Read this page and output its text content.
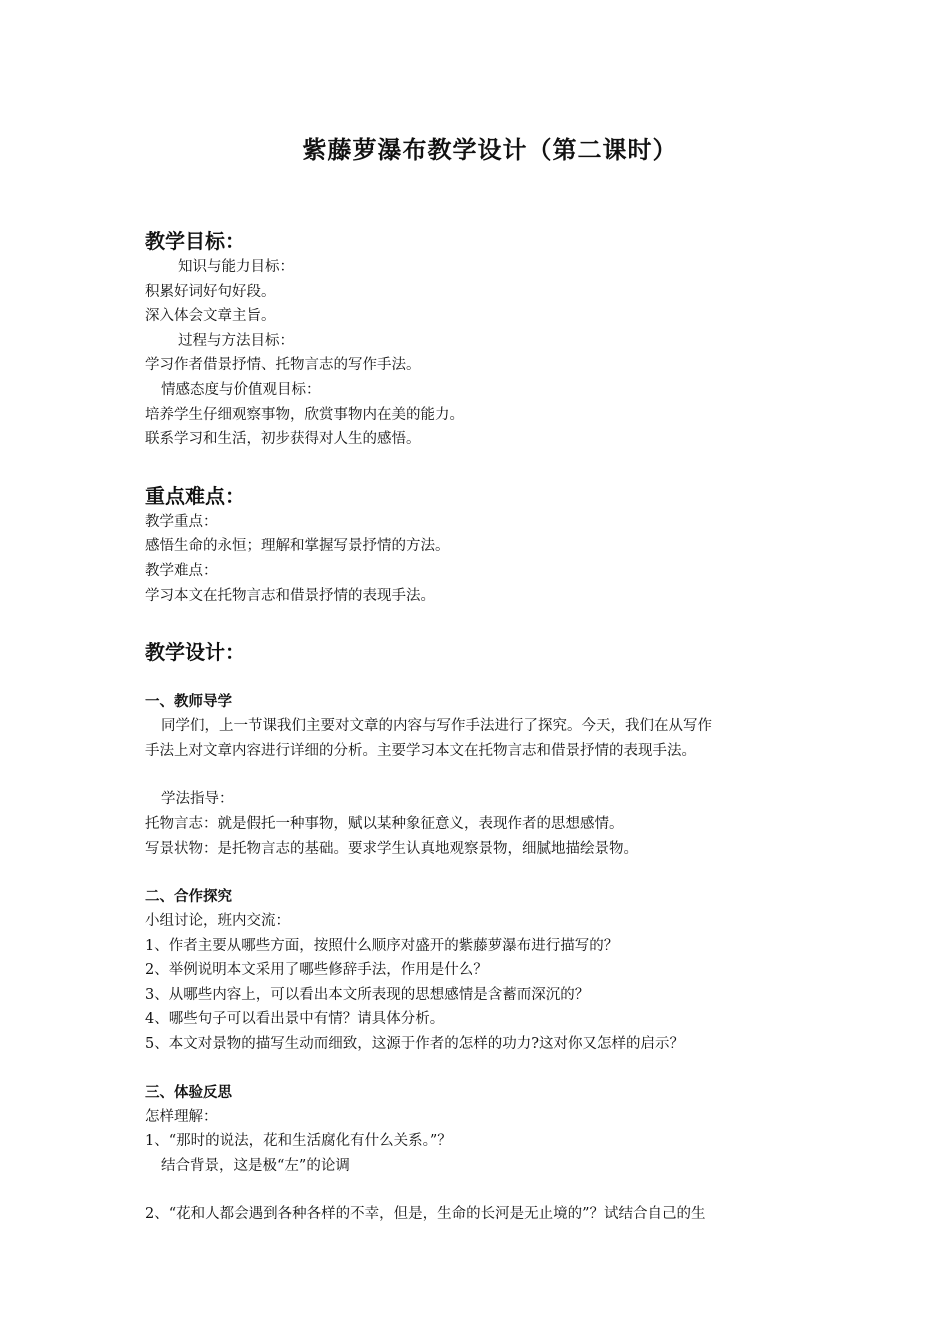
紫藤萝瀑布教学设计（第二课时）
教学目标：
知识与能力目标：
积累好词好句好段。
深入体会文章主旨。
过程与方法目标：
学习作者借景抒情、托物言志的写作手法。
情感态度与价值观目标：
培养学生仔细观察事物，欣赏事物内在美的能力。
联系学习和生活，初步获得对人生的感悟。
重点难点：
教学重点：
感悟生命的永恒；理解和掌握写景抒情的方法。
教学难点：
学习本文在托物言志和借景抒情的表现手法。
教学设计：
一、教师导学
同学们，上一节课我们主要对文章的内容与写作手法进行了探究。今天，我们在从写作
手法上对文章内容进行详细的分析。主要学习本文在托物言志和借景抒情的表现手法。
学法指导：
托物言志：就是假托一种事物，赋以某种象征意义，表现作者的思想感情。
写景状物：是托物言志的基础。要求学生认真地观察景物，细腻地描绘景物。
二、合作探究
小组讨论，班内交流：
1、作者主要从哪些方面，按照什么顺序对盛开的紫藤萝瀑布进行描写的？
2、举例说明本文采用了哪些修辞手法，作用是什么？
3、从哪些内容上，可以看出本文所表现的思想感情是含蓄而深沉的？
4、哪些句子可以看出景中有情？请具体分析。
5、本文对景物的描写生动而细致，这源于作者的怎样的功力?这对你又怎样的启示？
三、体验反思
怎样理解：
1、“那时的说法，花和生活腐化有什么关系。”？
结合背景，这是极“左”的论调
2、“花和人都会遇到各种各样的不幸，但是，生命的长河是无止境的”？试结合自己的生
